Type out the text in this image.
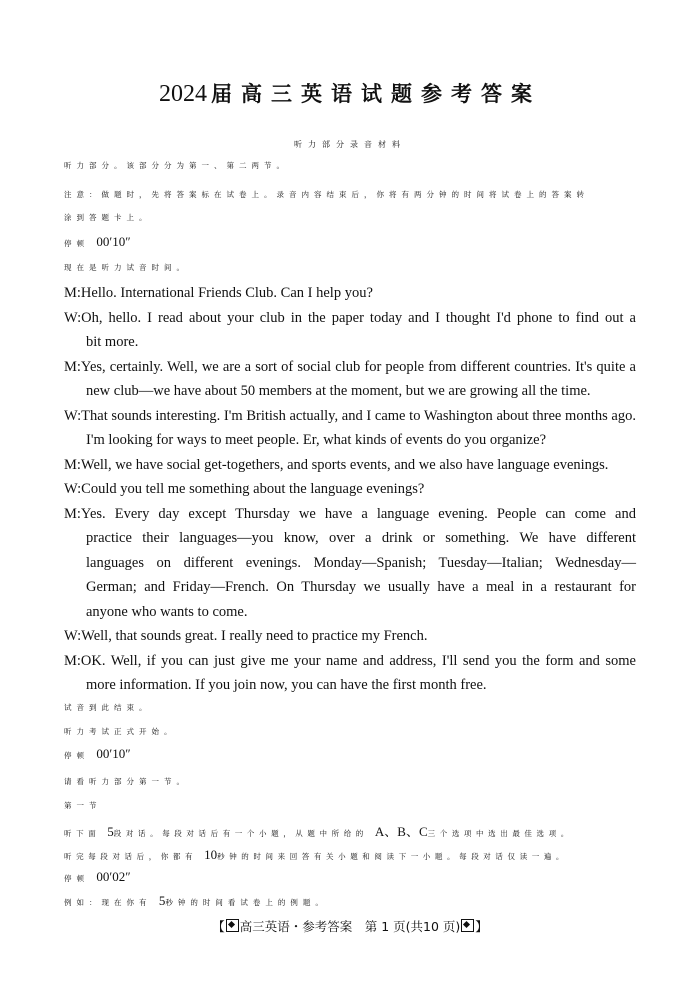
2024 届高三英语试题参考答案
听力部分录音材料
听力部分。该部分分为第一、第二两节。
注意：做题时，先将答案标在试卷上。录音内容结束后，你将有两分钟的时间将试卷上的答案转
涂到答题卡上。
停顿 00′10″
现在是听力试音时间。
M:Hello. International Friends Club. Can I help you?
W:Oh, hello. I read about your club in the paper today and I thought I'd phone to find out a
bit more.
M:Yes, certainly. Well, we are a sort of social club for people from different countries. It's quite a
new club—we have about 50 members at the moment, but we are growing all the time.
W:That sounds interesting. I'm British actually, and I came to Washington about three months ago.
I'm looking for ways to meet people. Er, what kinds of events do you organize?
M:Well, we have social get-togethers, and sports events, and we also have language evenings.
W:Could you tell me something about the language evenings?
M:Yes. Every day except Thursday we have a language evening. People can come and
practice their languages—you know, over a drink or something. We have different
languages on different evenings. Monday—Spanish; Tuesday—Italian; Wednesday—
German; and Friday—French. On Thursday we usually have a meal in a restaurant for
anyone who wants to come.
W:Well, that sounds great. I really need to practice my French.
M:OK. Well, if you can just give me your name and address, I'll send you the form and some
more information. If you join now, you can have the first month free.
试音到此结束。
听力考试正式开始。
停顿 00′10″
请看听力部分第一节。
第一节
听下面 5段对话。每段对话后有一个小题，从题中所给的 A、B、C三个选项中选出最佳选项。
听完每段对话后，你都有 10秒钟的时间来回答有关小题和阅读下一小题。每段对话仅读一遍。
停顿 00′02″
例如：现在你有 5秒钟的时间看试卷上的例题。
【 高三英语・参考答案　第 1 页(共10 页) 】
